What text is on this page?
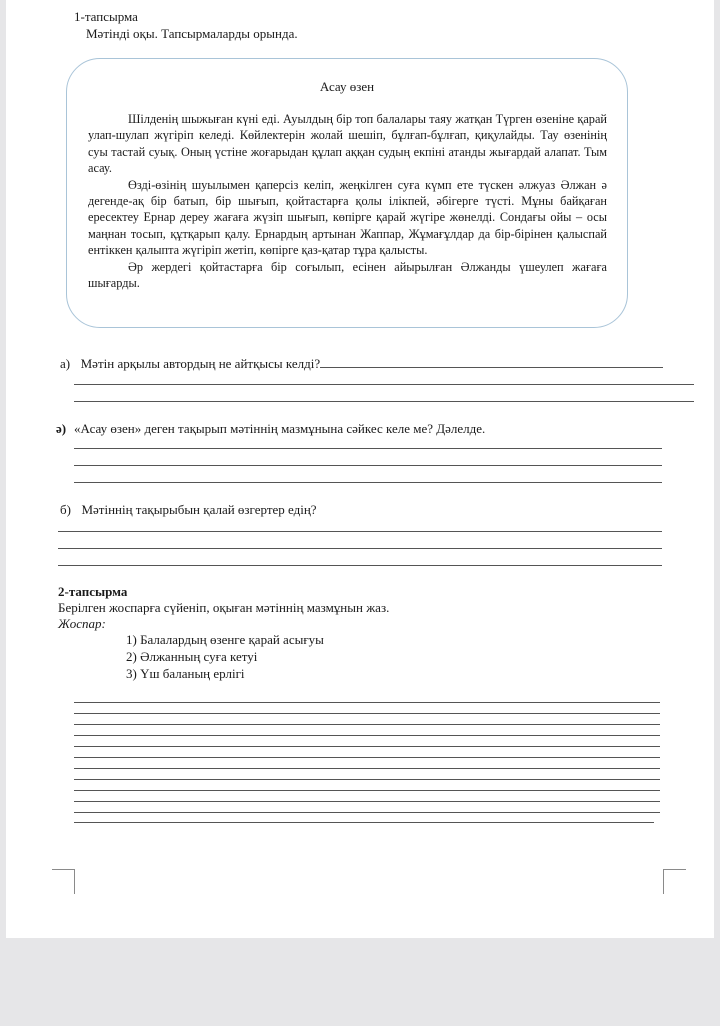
1-тапсырма
Мәтінді оқы. Тапсырмаларды орында.
Асау өзен

Шілденің шыжыған күні еді. Ауылдың бір топ балалары таяу жатқан Түрген өзеніне қарай улап-шулап жүгіріп келеді. Көйлектерін жолай шешіп, бұлғап-бұлғап, қиқулайды. Тау өзенінің суы тастай суық. Оның үстіне жоғарыдан құлап аққан судың екпіні атанды жығардай алапат. Тым асау.

Өзді-өзінің шуылымен қаперсіз келіп, жеңкілген суға күмп ете түскен әлжуаз Әлжан ә дегенде-ақ бір батып, бір шығып, қойтастарға қолы ілікпей, әбігерге түсті. Мұны байқаған ересектеу Ернар дереу жағаға жүзіп шығып, көпірге қарай жүгіре жөнелді. Сондағы ойы – осы маңнан тосып, құтқарып қалу. Ернардың артынан Жаппар, Жұмағұлдар да бір-бірінен қалыспай ентіккен қалыпта жүгіріп жетіп, көпірге қаз-қатар тұра қалысты.

Әр жердегі қойтастарға бір соғылып, есінен айырылған Әлжанды үшеулеп жағаға шығарды.

а) Мәтін арқылы автордың не айтқысы келді?
ә) «Асау өзен» деген тақырып мәтіннің мазмұнына сәйкес келе ме? Дәлелде.
б) Мәтіннің тақырыбын қалай өзгертер едің?
2-тапсырма
Берілген жоспарға сүйеніп, оқыған мәтіннің мазмұнын жаз.
Жоспар:
1) Балалардың өзенге қарай асығуы
2) Әлжанның суға кетуі
3) Үш баланың ерлігі
